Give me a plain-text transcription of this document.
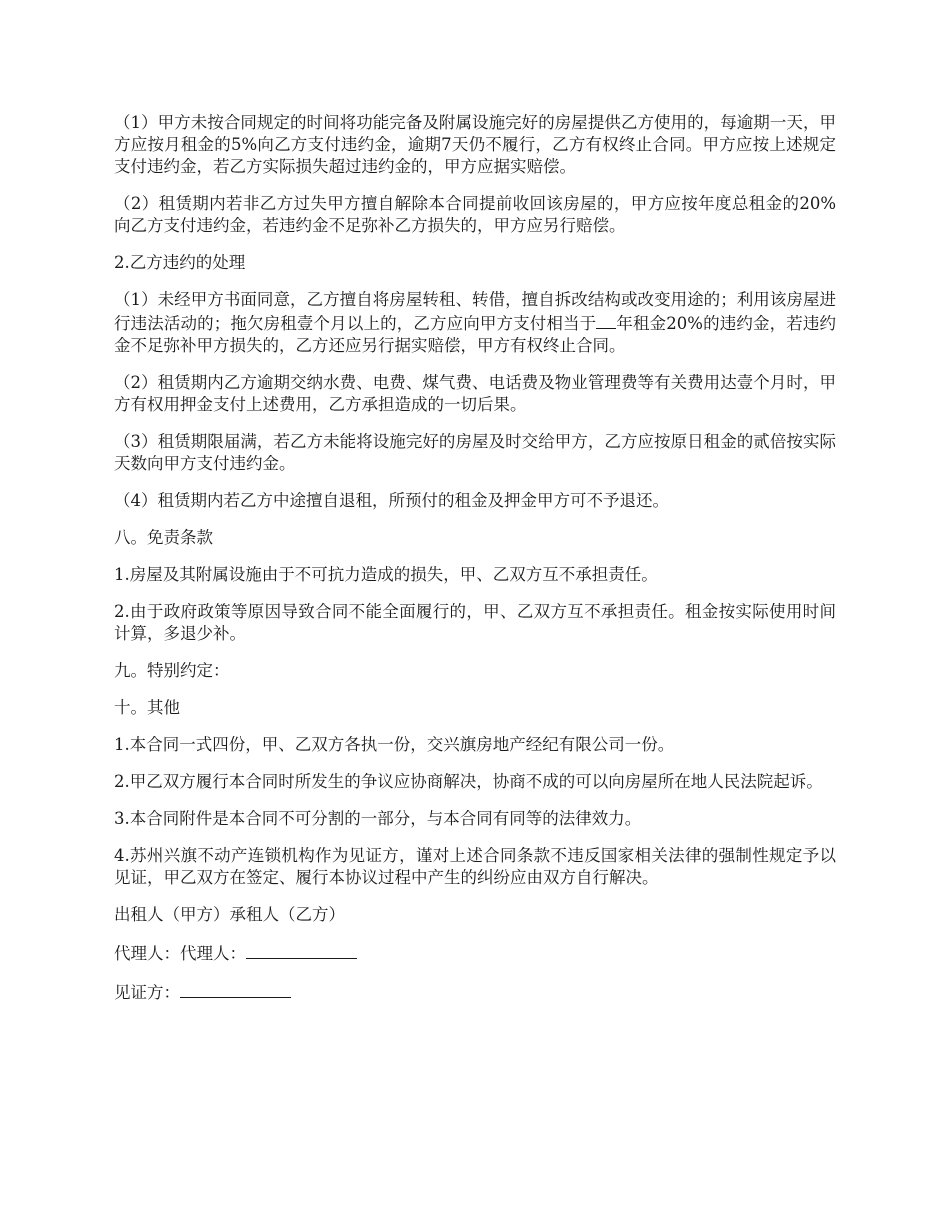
（1）甲方未按合同规定的时间将功能完备及附属设施完好的房屋提供乙方使用的，每逾期一天，甲方应按月租金的5%向乙方支付违约金，逾期7天仍不履行，乙方有权终止合同。甲方应按上述规定支付违约金，若乙方实际损失超过违约金的，甲方应据实赔偿。

（2）租赁期内若非乙方过失甲方擅自解除本合同提前收回该房屋的，甲方应按年度总租金的20%向乙方支付违约金，若违约金不足弥补乙方损失的，甲方应另行赔偿。

2.乙方违约的处理

（1）未经甲方书面同意，乙方擅自将房屋转租、转借，擅自拆改结构或改变用途的；利用该房屋进行违法活动的；拖欠房租壹个月以上的，乙方应向甲方支付相当于 年租金20%的违约金，若违约金不足弥补甲方损失的，乙方还应另行据实赔偿，甲方有权终止合同。

（2）租赁期内乙方逾期交纳水费、电费、煤气费、电话费及物业管理费等有关费用达壹个月时，甲方有权用押金支付上述费用，乙方承担造成的一切后果。

（3）租赁期限届满，若乙方未能将设施完好的房屋及时交给甲方，乙方应按原日租金的贰倍按实际天数向甲方支付违约金。

（4）租赁期内若乙方中途擅自退租，所预付的租金及押金甲方可不予退还。

八。免责条款

1.房屋及其附属设施由于不可抗力造成的损失，甲、乙双方互不承担责任。

2.由于政府政策等原因导致合同不能全面履行的，甲、乙双方互不承担责任。租金按实际使用时间计算，多退少补。

九。特别约定：

十。其他

1.本合同一式四份，甲、乙双方各执一份，交兴旗房地产经纪有限公司一份。

2.甲乙双方履行本合同时所发生的争议应协商解决，协商不成的可以向房屋所在地人民法院起诉。

3.本合同附件是本合同不可分割的一部分，与本合同有同等的法律效力。

4.苏州兴旗不动产连锁机构作为见证方，谨对上述合同条款不违反国家相关法律的强制性规定予以见证，甲乙双方在签定、履行本协议过程中产生的纠纷应由双方自行解决。

出租人（甲方）承租人（乙方）

代理人：代理人：

见证方：
